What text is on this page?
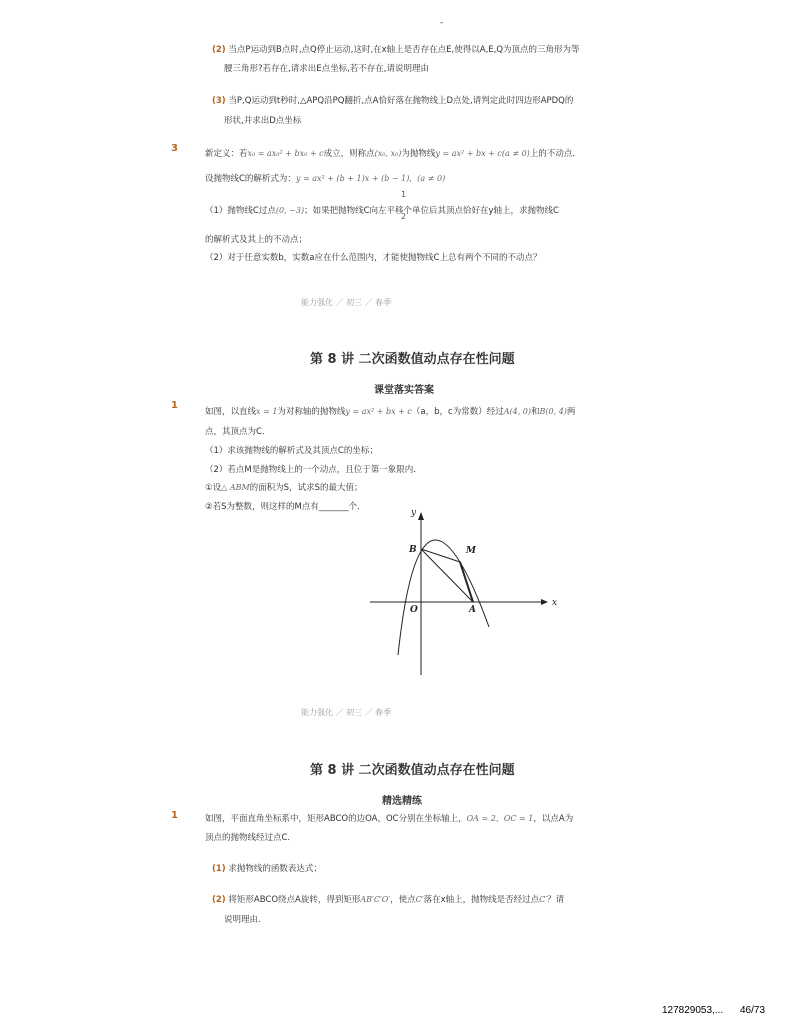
-
(2) 当点P运动到B点时,点Q停止运动,这时,在x轴上是否存在点E,使得以A,E,Q为顶点的三角形为等
腰三角形?若存在,请求出E点坐标,若不存在,请说明理由
(3) 当P,Q运动到t秒时,△APQ沿PQ翻折,点A恰好落在抛物线上D点处,请判定此时四边形APDQ的
形状,并求出D点坐标
3	新定义：若x₀ = ax₀² + bx₀ + c成立，则称点(x₀, x₀)为抛物线y = ax² + bx + c(a ≠ 0)上的不动点．
设抛物线C的解析式为：y = ax² + (b + 1)x + (b − 1)，(a ≠ 0)
1
2
（1）抛物线C过点(0, −3)；如果把抛物线C向左平移个单位后其顶点恰好在y轴上，求抛物线C
的解析式及其上的不动点；
（2）对于任意实数b，实数a应在什么范围内，才能使抛物线C上总有两个不同的不动点？
能力强化 ／ 初三 ／ 春季
第 8 讲 二次函数值动点存在性问题
课堂落实答案
1
如图，以直线x = 1为对称轴的抛物线y = ax² + bx + c（a，b，c为常数）经过A(4, 0)和B(0, 4)两
点，其顶点为C．
（1）求该抛物线的解析式及其顶点C的坐标；
（2）若点M是抛物线上的一个动点，且位于第一象限内．
①设△ ABM的面积为S，试求S的最大值；
②若S为整数，则这样的M点有_______个．
y
x
B	M
O	A
能力强化 ／ 初三 ／ 春季
第 8 讲 二次函数值动点存在性问题
精选精练
1	如图，平面直角坐标系中，矩形ABCO的边OA，OC分别在坐标轴上，OA = 2，OC = 1，以点A为
顶点的抛物线经过点C．
(1) 求抛物线的函数表达式；
(2) 将矩形ABCO绕点A旋转，得到矩形AB′C′O′，使点C′落在x轴上，抛物线是否经过点C′？请
说明理由．
127829053,... 46/73
